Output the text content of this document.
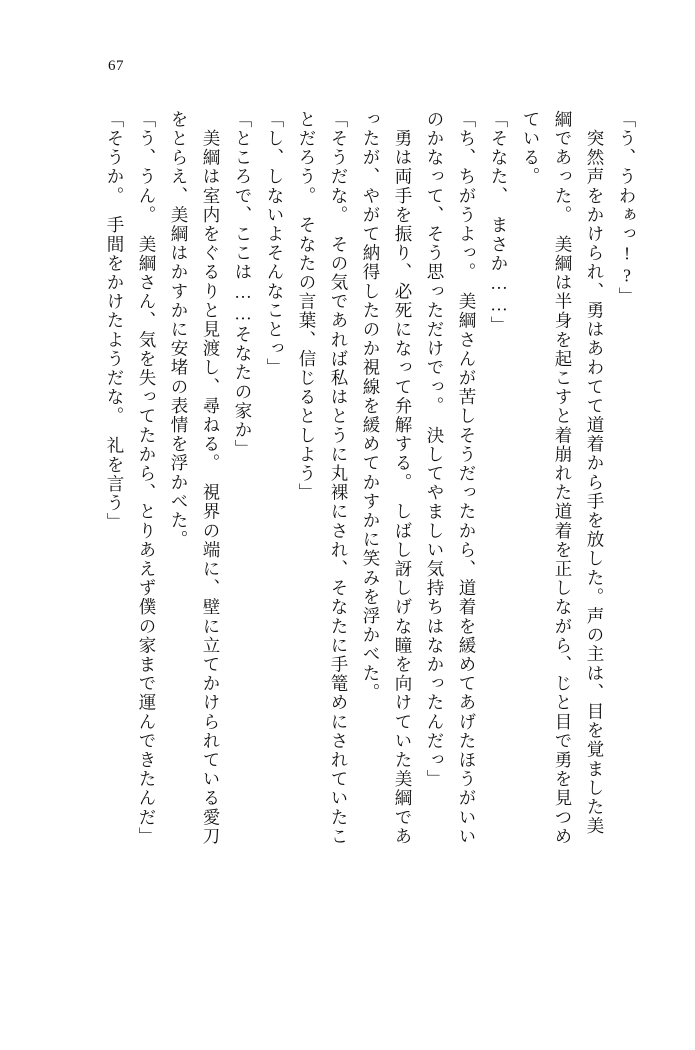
67
「う、うわぁっ!?」
　突然声をかけられ、勇はあわてて道着から手を放した。声の主は、目を覚ました美
綱であった。　美綱は半身を起こすと着崩れた道着を正しながら、じと目で勇を見つめ
ている。
「そなた、　まさか……」
「ち、ちがうよっ。　美綱さんが苦しそうだったから、道着を緩めてあげたほうがいい
のかなって、そう思っただけでっ。　決してやましい気持ちはなかったんだっ」
　勇は両手を振り、必死になって弁解する。　しばし訝しげな瞳を向けていた美綱であ
ったが、やがて納得したのか視線を緩めてかすかに笑みを浮かべた。
「そうだな。　その気であれば私はとうに丸裸にされ、そなたに手篭めにされていたこ
とだろう。　そなたの言葉、信じるとしよう」
「し、しないよそんなことっ」
「ところで、ここは……そなたの家か」
　美綱は室内をぐるりと見渡し、尋ねる。　視界の端に、壁に立てかけられている愛刀
をとらえ、美綱はかすかに安堵の表情を浮かべた。
「う、うん。　美綱さん、気を失ってたから、とりあえず僕の家まで運んできたんだ」
「そうか。　手間をかけたようだな。　礼を言う」
